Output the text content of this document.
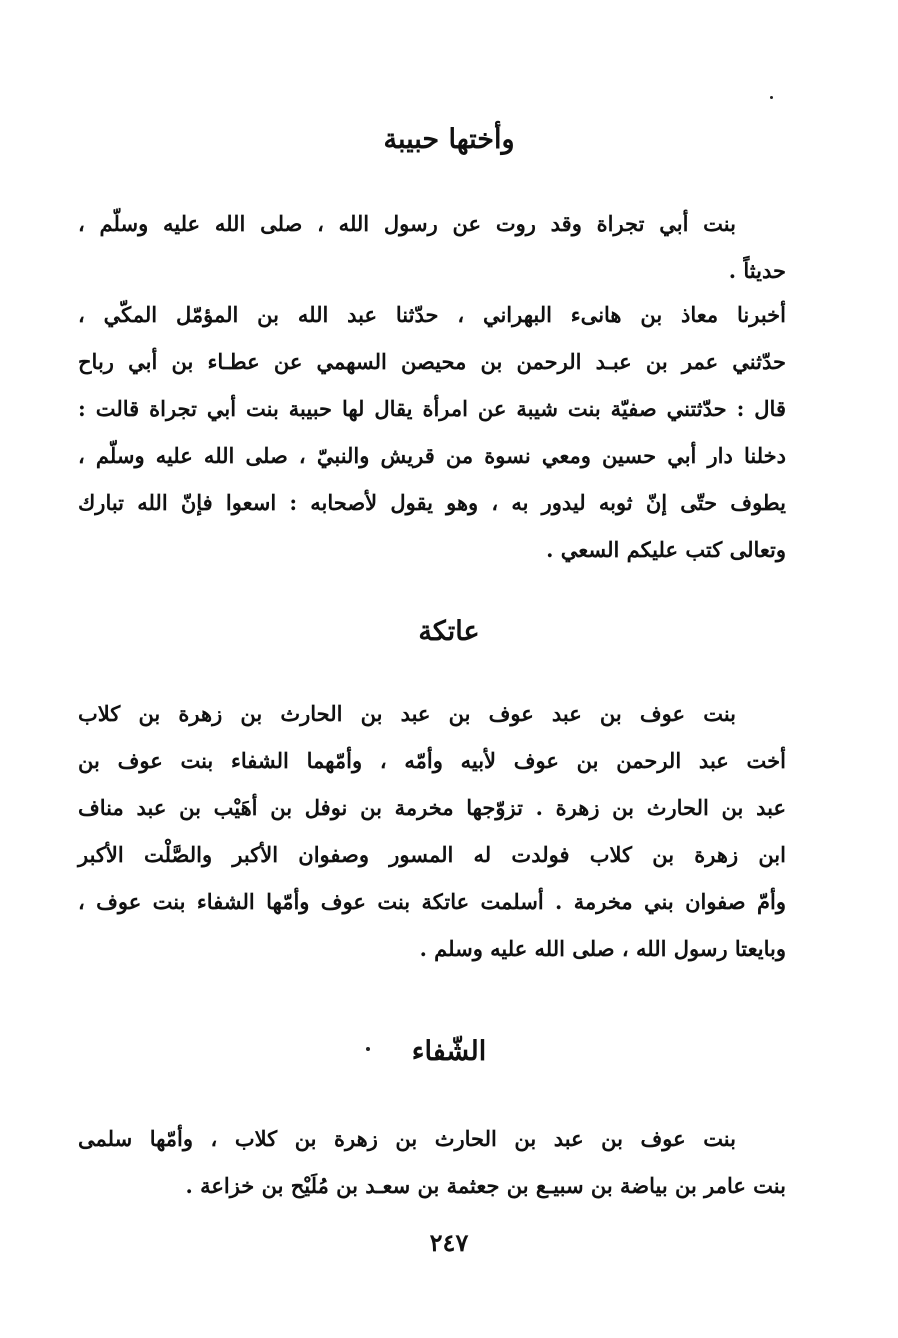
وأختها حبيبة
بنت أبي تجراة وقد روت عن رسول الله ، صلى الله عليه وسلّم ،
حديثاً .
أخبرنا معاذ بن هانىء البهراني ، حدّثنا عبد الله بن المؤمّل المكّي ،
حدّثني عمر بن عبـد الرحمن بن محيصن السهمي عن عطـاء بن أبي رباح
قال : حدّثتني صفيّة بنت شيبة عن امرأة يقال لها حبيبة بنت أبي تجراة قالت :
دخلنا دار أبي حسين ومعي نسوة من قريش والنبيّ ، صلى الله عليه وسلّم ،
يطوف حتّى إنّ ثوبه ليدور به ، وهو يقول لأصحابه : اسعوا فإنّ الله تبارك
وتعالى كتب عليكم السعي .
عاتكة
بنت عوف بن عبد عوف بن عبد بن الحارث بن زهرة بن كلاب
أخت عبد الرحمن بن عوف لأبيه وأمّه ، وأمّهما الشفاء بنت عوف بن
عبد بن الحارث بن زهرة . تزوّجها مخرمة بن نوفل بن أهَيْب بن عبد مناف
ابن زهرة بن كلاب فولدت له المسور وصفوان الأكبر والصَّلْت الأكبر
وأمّ صفوان بني مخرمة . أسلمت عاتكة بنت عوف وأمّها الشفاء بنت عوف ،
وبايعتا رسول الله ، صلى الله عليه وسلم .
الشّفاء
بنت عوف بن عبد بن الحارث بن زهرة بن كلاب ، وأمّها سلمى
بنت عامر بن بياضة بن سبيـع بن جعثمة بن سعـد بن مُلَيْح بن خزاعة .
٢٤٧
